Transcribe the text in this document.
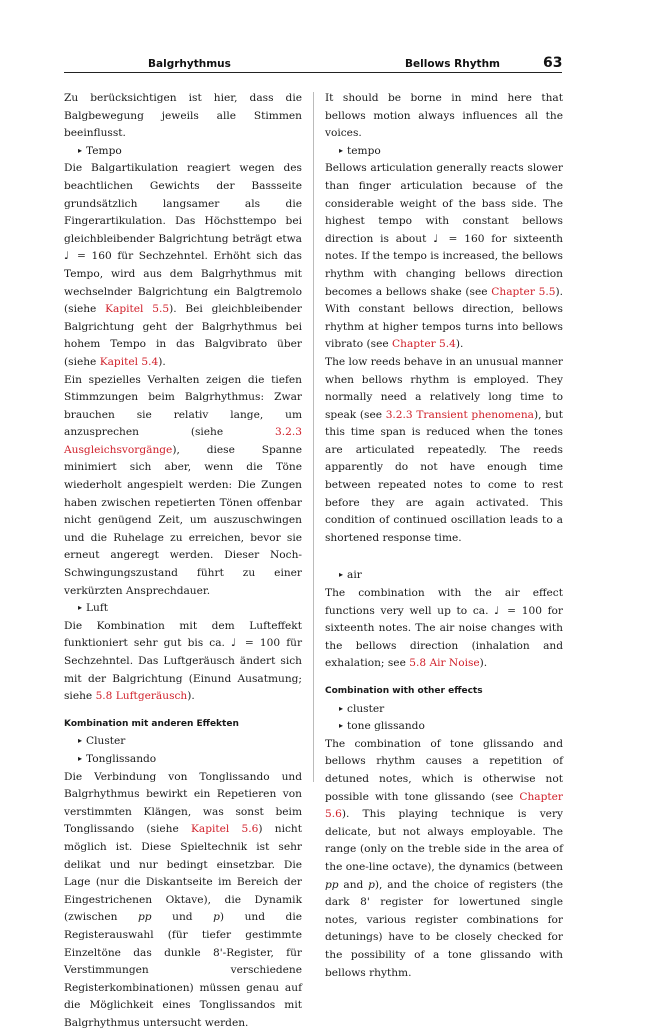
Balgrhythmus	Bellows Rhythm	63

Zu berücksichtigen ist hier, dass die Balgbewegung jeweils alle Stimmen beeinflusst.

▸ Tempo

Die Balgartikulation reagiert wegen des beachtlichen Gewichts der Bassseite grundsätzlich langsamer als die Fingerartikulation. Das Höchsttempo bei gleichbleibender Balgrichtung beträgt etwa ♩ = 160 für Sechzehntel. Erhöht sich das Tempo, wird aus dem Balgrhythmus mit wechselnder Balgrichtung ein Balgtremolo (siehe Kapitel 5.5). Bei gleichbleibender Balgrichtung geht der Balgrhythmus bei hohem Tempo in das Balgvibrato über (siehe Kapitel 5.4).

Ein spezielles Verhalten zeigen die tiefen Stimmzungen beim Balgrhythmus: Zwar brauchen sie relativ lange, um anzusprechen (siehe	3.2.3 Ausgleichsvorgänge), diese Spanne minimiert sich aber, wenn die Töne wiederholt angespielt werden: Die Zungen haben zwischen repetierten Tönen offenbar nicht genügend Zeit, um auszuschwingen und die Ruhelage zu erreichen, bevor sie erneut angeregt werden. Dieser Noch-Schwingungszustand führt zu einer verkürzten Ansprechdauer.

▸ Luft

Die Kombination mit dem Lufteffekt funktioniert sehr gut bis ca. ♩ = 100 für Sechzehntel. Das Luftgeräusch ändert sich mit der Balgrichtung (Einund Ausatmung; siehe 5.8 Luftgeräusch).

Kombination mit anderen Effekten

▸ Cluster

▸ Tonglissando

Die Verbindung von Tonglissando und Balgrhythmus bewirkt ein Repetieren von verstimmten Klängen, was sonst beim Tonglissando (siehe Kapitel 5.6) nicht möglich ist. Diese Spieltechnik ist sehr delikat und nur bedingt einsetzbar. Die Lage (nur die Diskantseite im Bereich der Eingestrichenen Oktave), die Dynamik (zwischen pp und p) und die Registerauswahl (für tiefer gestimmte Einzeltöne das dunkle 8'-Register, für Verstimmungen verschiedene Registerkombinationen) müssen genau auf die Möglichkeit eines Tonglissandos mit Balgrhythmus untersucht werden.

It should be borne in mind here that bellows motion always influences all the voices.

▸ tempo

Bellows articulation generally reacts slower than finger articulation because of the considerable weight of the bass side. The highest tempo with constant bellows direction is about ♩ = 160 for sixteenth notes. If the tempo is increased, the bellows rhythm with changing bellows direction becomes a bellows shake (see Chapter 5.5). With constant bellows direction, bellows rhythm at higher tempos turns into bellows vibrato (see Chapter 5.4).

The low reeds behave in an unusual manner when bellows rhythm is employed. They normally need a relatively long time to speak (see 3.2.3 Transient phenomena), but this time span is reduced when the tones are articulated repeatedly. The reeds apparently do not have enough time between repeated notes to come to rest before they are again activated. This condition of continued oscillation leads to a shortened response time.

▸ air

The combination with the air effect functions very well up to ca. ♩ = 100 for sixteenth notes. The air noise changes with the bellows direction (inhalation and exhalation; see 5.8 Air Noise).

Combination with other effects

▸ cluster

▸ tone glissando

The combination of tone glissando and bellows rhythm causes a repetition of detuned notes, which is otherwise not possible with tone glissando (see Chapter 5.6). This playing technique is very delicate, but not always employable. The range (only on the treble side in the area of the one-line octave), the dynamics (between pp and p), and the choice of registers (the dark 8' register for lowertuned single notes, various register combinations for detunings) have to be closely checked for the possibility of a tone glissando with bellows rhythm.
